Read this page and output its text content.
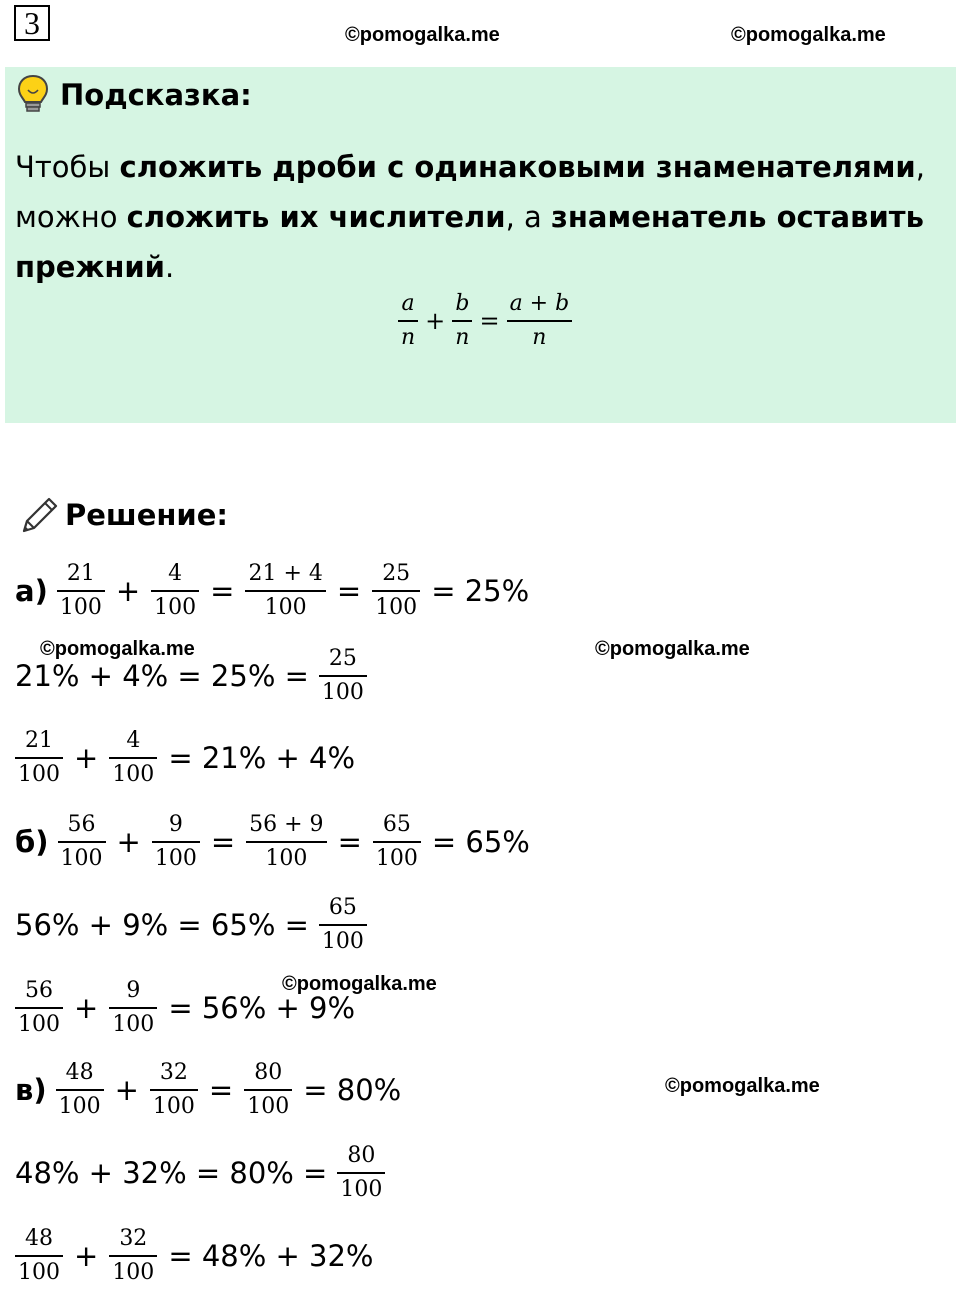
3	©pomogalka.me	©pomogalka.me
Подсказка:
Чтобы сложить дроби с одинаковыми знаменателями, можно сложить их числители, а знаменатель оставить прежний.
$\frac{a}{n} + \frac{b}{n} = \frac{a + b}{n}$
Решение:
$а) \frac{21}{100} + \frac{4}{100} = \frac{21 + 4}{100} = \frac{25}{100} = 25\%$
©pomogalka.me	©pomogalka.me
$21\% + 4\% = 25\% = \frac{25}{100}$
$\frac{21}{100} + \frac{4}{100} = 21\% + 4\%$
$б) \frac{56}{100} + \frac{9}{100} = \frac{56 + 9}{100} = \frac{65}{100} = 65\%$
$56\% + 9\% = 65\% = \frac{65}{100}$
©pomogalka.me
$\frac{56}{100} + \frac{9}{100} = 56\% + 9\%$
$в) \frac{48}{100} + \frac{32}{100} = \frac{80}{100} = 80\%$	©pomogalka.me
$48\% + 32\% = 80\% = \frac{80}{100}$
$\frac{48}{100} + \frac{32}{100} = 48\% + 32\%$
